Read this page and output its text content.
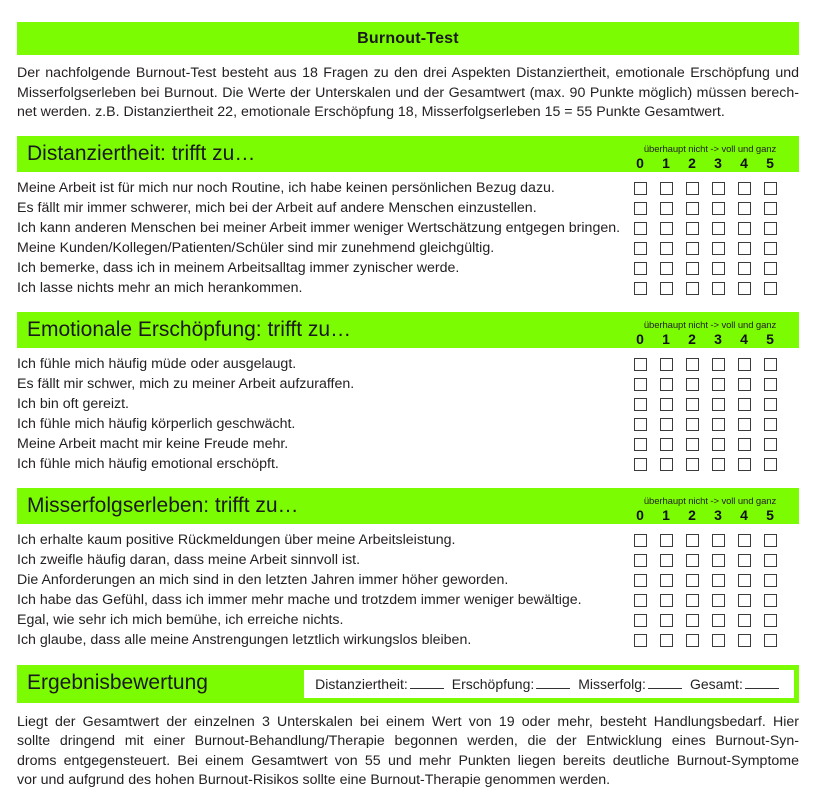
Burnout-Test

Der nachfolgende Burnout-Test besteht aus 18 Fragen zu den drei Aspekten Distanziertheit, emotionale Erschöpfung und
Misserfolgserleben bei Burnout. Die Werte der Unterskalen und der Gesamtwert (max. 90 Punkte möglich) müssen berech-
net werden. z.B. Distanziertheit 22, emotionale Erschöpfung 18, Misserfolgserleben 15 = 55 Punkte Gesamtwert.

Distanziertheit: trifft zu…	überhaupt nicht -> voll und ganz
0	1	2	3	4	5
Meine Arbeit ist für mich nur noch Routine, ich habe keinen persönlichen Bezug dazu.
Es fällt mir immer schwerer, mich bei der Arbeit auf andere Menschen einzustellen.
Ich kann anderen Menschen bei meiner Arbeit immer weniger Wertschätzung entgegen bringen.
Meine Kunden/Kollegen/Patienten/Schüler sind mir zunehmend gleichgültig.
Ich bemerke, dass ich in meinem Arbeitsalltag immer zynischer werde.
Ich lasse nichts mehr an mich herankommen.
Emotionale Erschöpfung: trifft zu…	überhaupt nicht -> voll und ganz
0	1	2	3	4	5
Ich fühle mich häufig müde oder ausgelaugt.
Es fällt mir schwer, mich zu meiner Arbeit aufzuraffen.
Ich bin oft gereizt.
Ich fühle mich häufig körperlich geschwächt.
Meine Arbeit macht mir keine Freude mehr.
Ich fühle mich häufig emotional erschöpft.
Misserfolgserleben: trifft zu…	überhaupt nicht -> voll und ganz
0	1	2	3	4	5
Ich erhalte kaum positive Rückmeldungen über meine Arbeitsleistung.
Ich zweifle häufig daran, dass meine Arbeit sinnvoll ist.
Die Anforderungen an mich sind in den letzten Jahren immer höher geworden.
Ich habe das Gefühl, dass ich immer mehr mache und trotzdem immer weniger bewältige.
Egal, wie sehr ich mich bemühe, ich erreiche nichts.
Ich glaube, dass alle meine Anstrengungen letztlich wirkungslos bleiben.
Ergebnisbewertung	Distanziertheit:	Erschöpfung:	Misserfolg:	Gesamt:

Liegt der Gesamtwert der einzelnen 3 Unterskalen bei einem Wert von 19 oder mehr, besteht Handlungsbedarf. Hier
sollte dringend mit einer Burnout-Behandlung/Therapie begonnen werden, die der Entwicklung eines Burnout-Syn-
droms entgegensteuert. Bei einem Gesamtwert von 55 und mehr Punkten liegen bereits deutliche Burnout-Symptome
vor und aufgrund des hohen Burnout-Risikos sollte eine Burnout-Therapie genommen werden.
